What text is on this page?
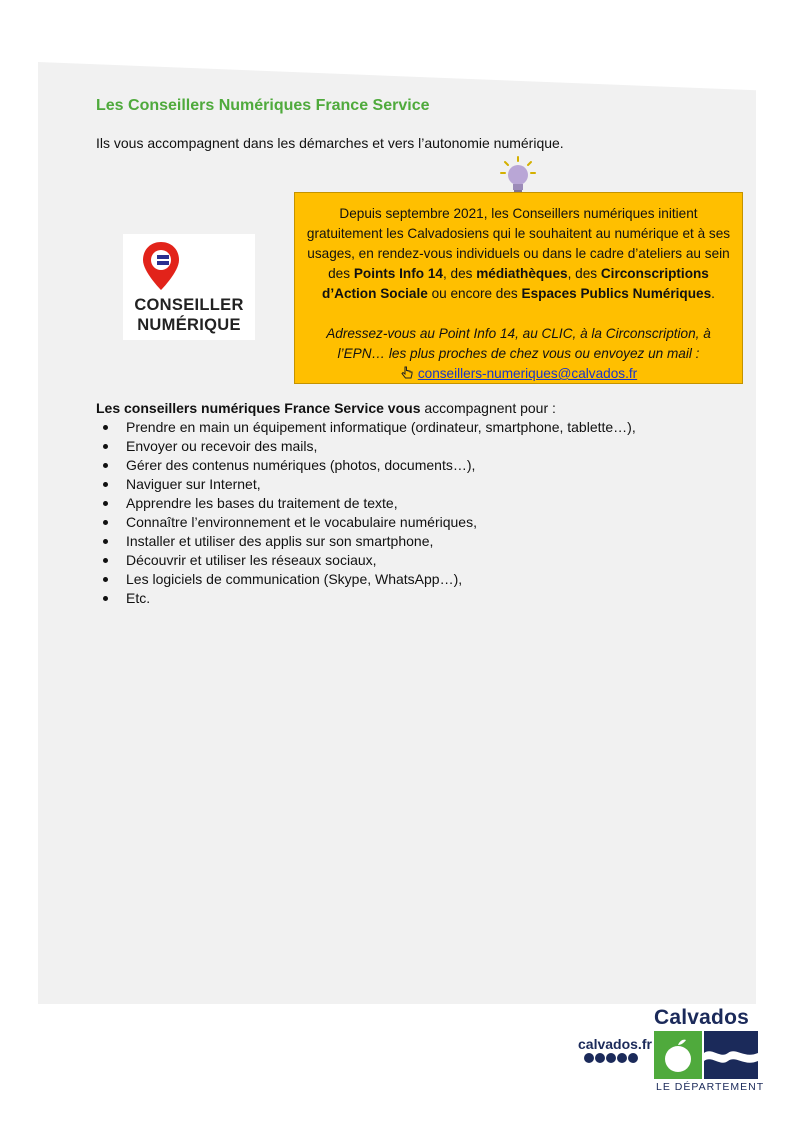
Les Conseillers Numériques France Service
Ils vous accompagnent dans les démarches et vers l’autonomie numérique.
CONSEILLER
NUMÉRIQUE

Depuis septembre 2021, les Conseillers numériques initient gratuitement les Calvadosiens qui le souhaitent au numérique et à ses usages, en rendez-vous individuels ou dans le cadre d’ateliers au sein des Points Info 14, des médiathèques, des Circonscriptions d’Action Sociale ou encore des Espaces Publics Numériques.

Adressez-vous au Point Info 14, au CLIC, à la Circonscription, à l’EPN… les plus proches de chez vous ou envoyez un mail :

conseillers-numeriques@calvados.fr

Les conseillers numériques France Service vous accompagnent pour :
Prendre en main un équipement informatique (ordinateur, smartphone, tablette…),
Envoyer ou recevoir des mails,
Gérer des contenus numériques (photos, documents…),
Naviguer sur Internet,
Apprendre les bases du traitement de texte,
Connaître l’environnement et le vocabulaire numériques,
Installer et utiliser des applis sur son smartphone,
Découvrir et utiliser les réseaux sociaux,
Les logiciels de communication (Skype, WhatsApp…),
Etc.
calvados.fr
Calvados
LE DÉPARTEMENT
